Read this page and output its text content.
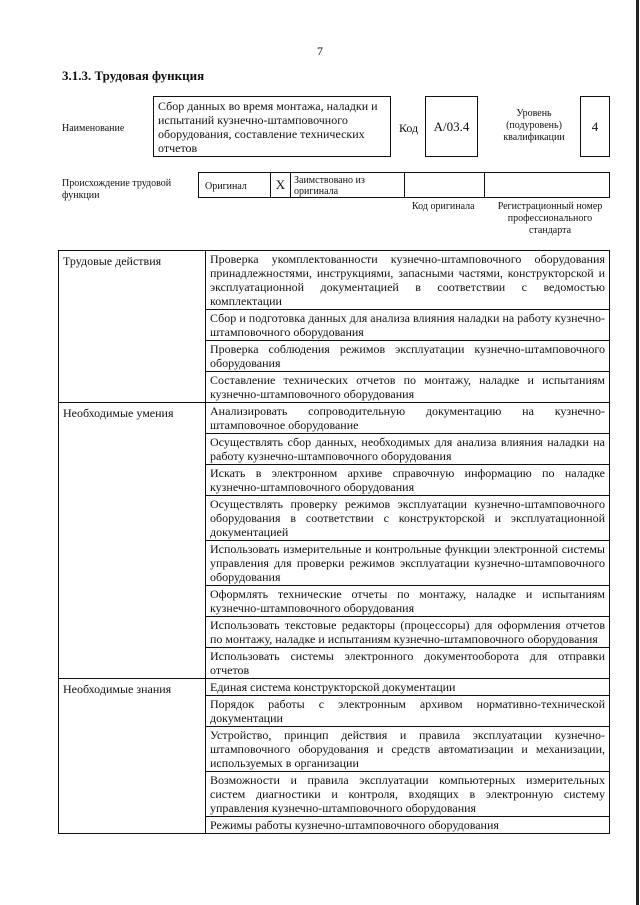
7
3.1.3. Трудовая функция
Наименование
Сбор данных во время монтажа, наладки и испытаний кузнечно-штамповочного оборудования, составление технических отчетов
Код	A/03.4
Уровень (подуровень) квалификации
4
Происхождение трудовой функции
Оригинал	X Заимствовано из оригинала
Код оригинала	Регистрационный номер профессионального стандарта
Трудовые действия	Проверка укомплектованности кузнечно-штамповочного оборудования принадлежностями, инструкциями, запасными частями, конструкторской и эксплуатационной документацией в соответствии с ведомостью комплектации
	Сбор и подготовка данных для анализа влияния наладки на работу кузнечно-штамповочного оборудования
	Проверка соблюдения режимов эксплуатации кузнечно-штамповочного оборудования
	Составление технических отчетов по монтажу, наладке и испытаниям кузнечно-штамповочного оборудования
Необходимые умения	Анализировать сопроводительную документацию на кузнечно-штамповочное оборудование
	Осуществлять сбор данных, необходимых для анализа влияния наладки на работу кузнечно-штамповочного оборудования
	Искать в электронном архиве справочную информацию по наладке кузнечно-штамповочного оборудования
	Осуществлять проверку режимов эксплуатации кузнечно-штамповочного оборудования в соответствии с конструкторской и эксплуатационной документацией
	Использовать измерительные и контрольные функции электронной системы управления для проверки режимов эксплуатации кузнечно-штамповочного оборудования
	Оформлять технические отчеты по монтажу, наладке и испытаниям кузнечно-штамповочного оборудования
	Использовать текстовые редакторы (процессоры) для оформления отчетов по монтажу, наладке и испытаниям кузнечно-штамповочного оборудования
	Использовать системы электронного документооборота для отправки отчетов
Необходимые знания	Единая система конструкторской документации
	Порядок работы с электронным архивом нормативно-технической документации
	Устройство, принцип действия и правила эксплуатации кузнечно-штамповочного оборудования и средств автоматизации и механизации, используемых в организации
	Возможности и правила эксплуатации компьютерных измерительных систем диагностики и контроля, входящих в электронную систему управления кузнечно-штамповочного оборудования
	Режимы работы кузнечно-штамповочного оборудования
